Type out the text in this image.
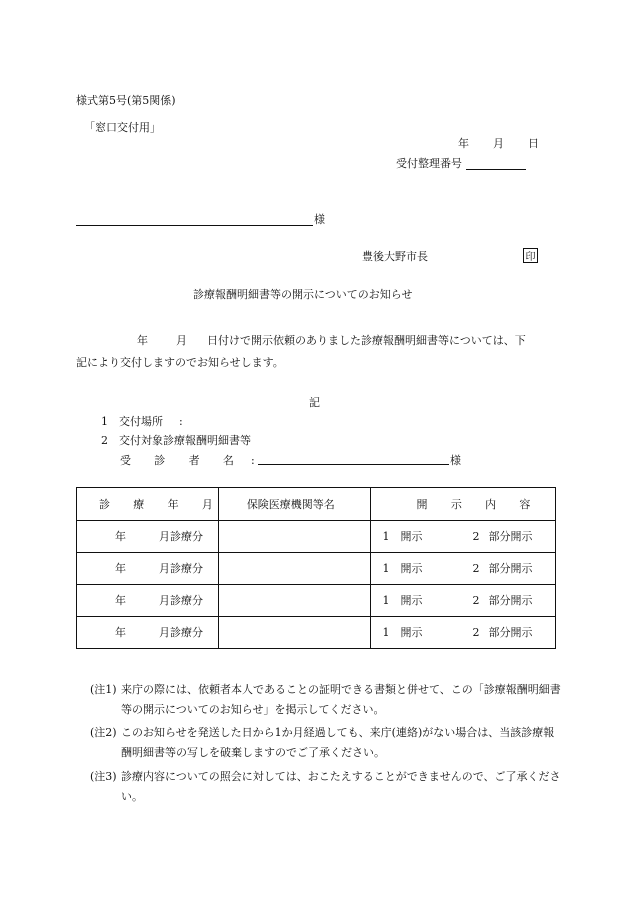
様式第5号(第5関係)
「窓口交付用」
年 月 日
受付整理番号
様
豊後大野市長	印
診療報酬明細書等の開示についてのお知らせ
年	月 日付けで開示依頼のありました診療報酬明細書等については、下
記により交付しますのでお知らせします。
記
1 交付場所 :
2 交付対象診療報酬明細書等
受 診 者 名 :	様
診 療 年 月	保険医療機関等名	開 示 内 容

年 月診療分		1 開示 2 部分開示

年 月診療分		1 開示 2 部分開示

年 月診療分		1 開示 2 部分開示

年 月診療分		1 開示 2 部分開示
(注1) 来庁の際には、依頼者本人であることの証明できる書類と併せて、この「診療報酬明細書等の開示についてのお知らせ」を掲示してください。
(注2) このお知らせを発送した日から1か月経過しても、来庁(連絡)がない場合は、当該診療報酬明細書等の写しを破棄しますのでご了承ください。
(注3) 診療内容についての照会に対しては、おこたえすることができませんので、ご了承ください。
